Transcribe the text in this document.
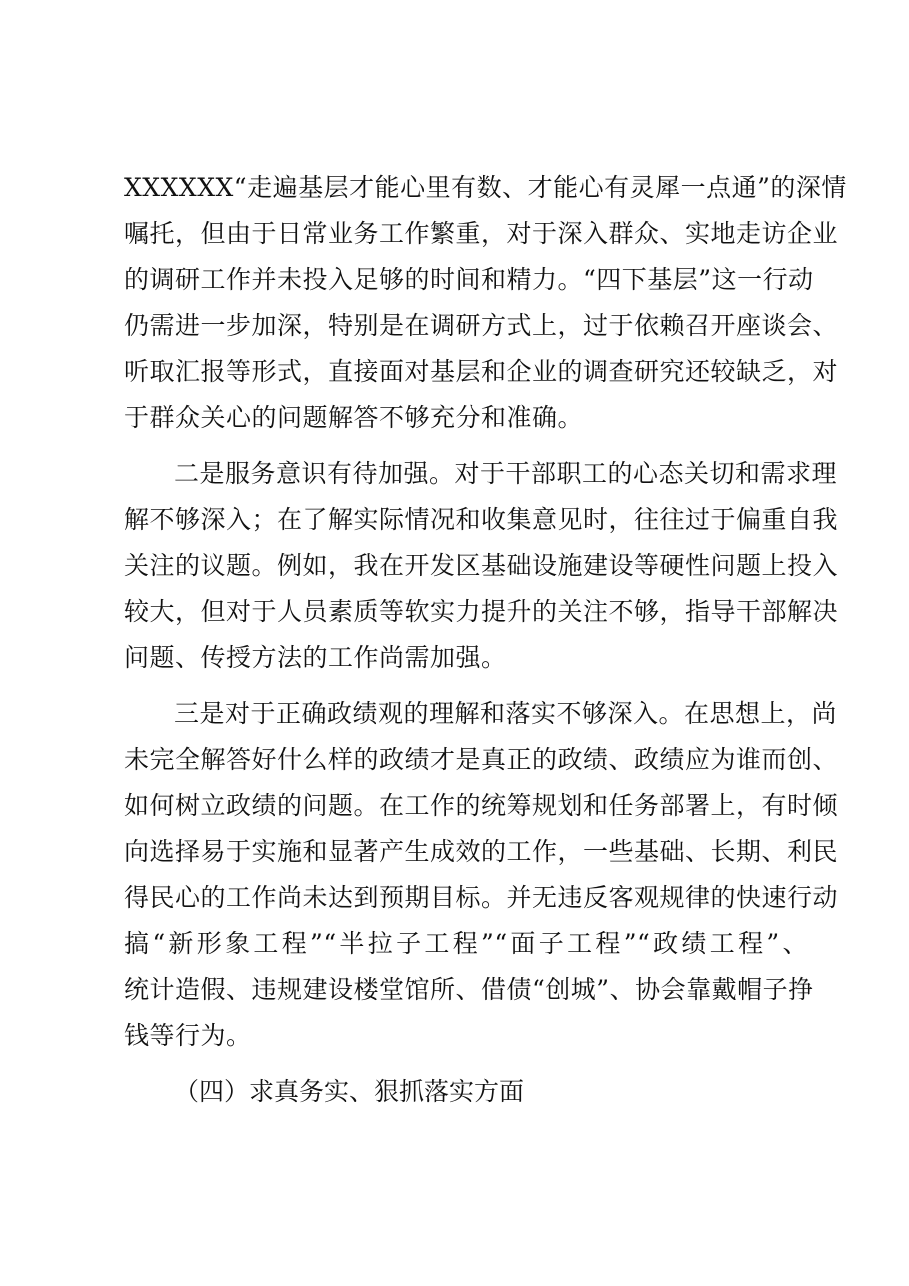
XXXXXX“走遍基层才能心里有数、才能心有灵犀一点通”的深情
嘱托，但由于日常业务工作繁重，对于深入群众、实地走访企业
的调研工作并未投入足够的时间和精力。“四下基层”这一行动
仍需进一步加深，特别是在调研方式上，过于依赖召开座谈会、
听取汇报等形式，直接面对基层和企业的调查研究还较缺乏，对
于群众关心的问题解答不够充分和准确。
二是服务意识有待加强。对于干部职工的心态关切和需求理
解不够深入；在了解实际情况和收集意见时，往往过于偏重自我
关注的议题。例如，我在开发区基础设施建设等硬性问题上投入
较大，但对于人员素质等软实力提升的关注不够，指导干部解决
问题、传授方法的工作尚需加强。
三是对于正确政绩观的理解和落实不够深入。在思想上，尚
未完全解答好什么样的政绩才是真正的政绩、政绩应为谁而创、
如何树立政绩的问题。在工作的统筹规划和任务部署上，有时倾
向选择易于实施和显著产生成效的工作，一些基础、长期、利民
得民心的工作尚未达到预期目标。并无违反客观规律的快速行动
搞“新形象工程”“半拉子工程”“面子工程”“政绩工程”、
统计造假、违规建设楼堂馆所、借债“创城”、协会靠戴帽子挣
钱等行为。
（四）求真务实、狠抓落实方面
